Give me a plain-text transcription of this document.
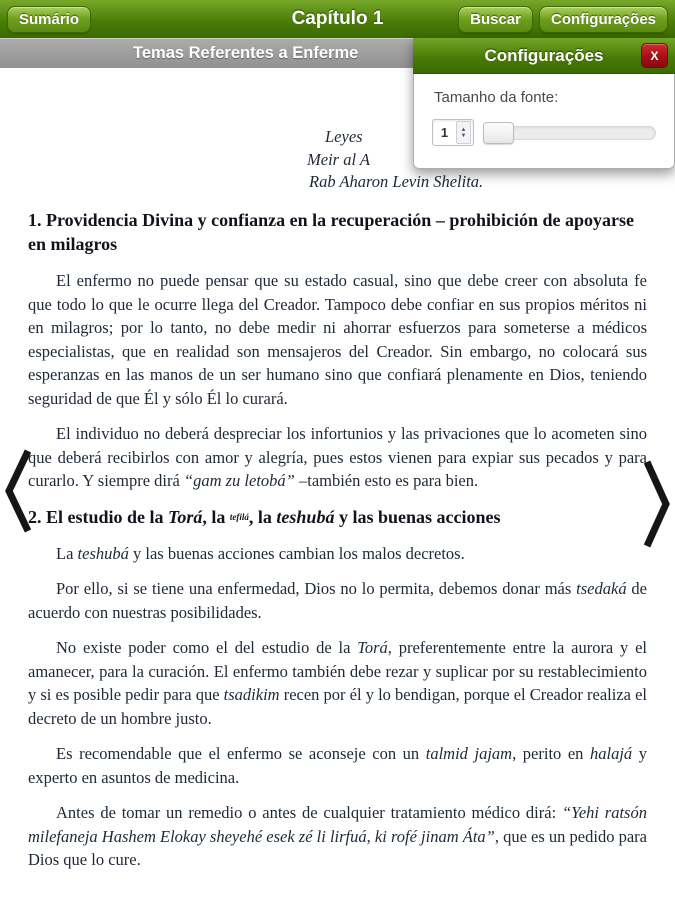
Sumário	Capítulo 1	Buscar	Configurações
Temas Referentes a Enferme	Configurações	X
Tamanho da fonte:
1	▲
▼
Leyes
Meir al A
Rab Aharon Levin Shelita.
1. Providencia Divina y confianza en la recuperación – prohibición de apoyarse en milagros

El enfermo no puede pensar que su estado casual, sino que debe creer con absoluta fe que todo lo que le ocurre llega del Creador. Tampoco debe confiar en sus propios méritos ni en milagros; por lo tanto, no debe medir ni ahorrar esfuerzos para someterse a médicos especialistas, que en realidad son mensajeros del Creador. Sin embargo, no colocará sus esperanzas en las manos de un ser humano sino que confiará plenamente en Dios, teniendo seguridad de que Él y sólo Él lo curará.

El individuo no deberá despreciar los infortunios y las privaciones que lo acometen sino que deberá recibirlos con amor y alegría, pues estos vienen para expiar sus pecados y para curarlo. Y siempre dirá “gam zu letobá” –también esto es para bien.

2. El estudio de la Torá, la tefilá, la teshubá y las buenas acciones

La teshubá y las buenas acciones cambian los malos decretos.

Por ello, si se tiene una enfermedad, Dios no lo permita, debemos donar más tsedaká de acuerdo con nuestras posibilidades.

No existe poder como el del estudio de la Torá, preferentemente entre la aurora y el amanecer, para la curación. El enfermo también debe rezar y suplicar por su restablecimiento y si es posible pedir para que tsadikim recen por él y lo bendigan, porque el Creador realiza el decreto de un hombre justo.

Es recomendable que el enfermo se aconseje con un talmid jajam, perito en halajá y experto en asuntos de medicina.

Antes de tomar un remedio o antes de cualquier tratamiento médico dirá: “Yehi ratsón milefaneja Hashem Elokay sheyehé esek zé li lirfuá, ki rofé jinam Áta”, que es un pedido para Dios que lo cure.
